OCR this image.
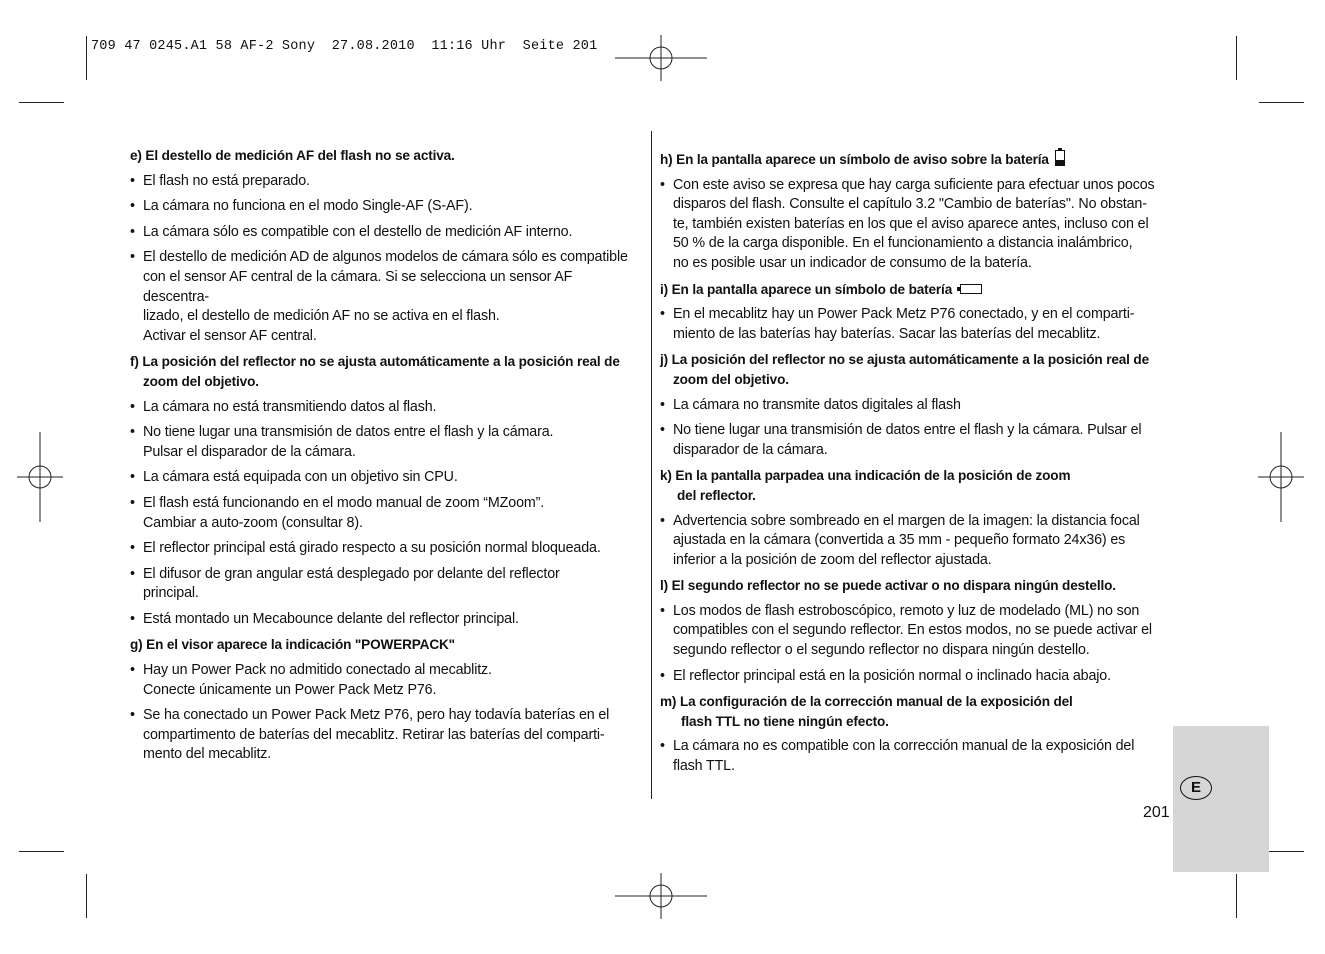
709 47 0245.A1 58 AF-2 Sony  27.08.2010  11:16 Uhr  Seite 201
e) El destello de medición AF del flash no se activa.
• El flash no está preparado.
• La cámara no funciona en el modo Single-AF (S-AF).
• La cámara sólo es compatible con el destello de medición AF interno.
• El destello de medición AD de algunos modelos de cámara sólo es compatible
con el sensor AF central de la cámara. Si se selecciona un sensor AF descentra-
lizado, el destello de medición AF no se activa en el flash.
Activar el sensor AF central.
f) La posición del reflector no se ajusta automáticamente a la posición real de
zoom del objetivo.
• La cámara no está transmitiendo datos al flash.
• No tiene lugar una transmisión de datos entre el flash y la cámara.
Pulsar el disparador de la cámara.
• La cámara está equipada con un objetivo sin CPU.
• El flash está funcionando en el modo manual de zoom “MZoom”.
Cambiar a auto-zoom (consultar 8).
• El reflector principal está girado respecto a su posición normal bloqueada.
• El difusor de gran angular está desplegado por delante del reflector
principal.
• Está montado un Mecabounce delante del reflector principal.
g) En el visor aparece la indicación "POWERPACK"
• Hay un Power Pack no admitido conectado al mecablitz.
Conecte únicamente un Power Pack Metz P76.
• Se ha conectado un Power Pack Metz P76, pero hay todavía baterías en el
compartimento de baterías del mecablitz. Retirar las baterías del comparti-
mento del mecablitz.
h) En la pantalla aparece un símbolo de aviso sobre la batería
• Con este aviso se expresa que hay carga suficiente para efectuar unos pocos
disparos del flash. Consulte el capítulo 3.2 "Cambio de baterías". No obstan-
te, también existen baterías en los que el aviso aparece antes, incluso con el
50 % de la carga disponible. En el funcionamiento a distancia inalámbrico,
no es posible usar un indicador de consumo de la batería.
i) En la pantalla aparece un símbolo de batería
• En el mecablitz hay un Power Pack Metz P76 conectado, y en el comparti-
miento de las baterías hay baterías. Sacar las baterías del mecablitz.
j) La posición del reflector no se ajusta automáticamente a la posición real de
zoom del objetivo.
• La cámara no transmite datos digitales al flash
• No tiene lugar una transmisión de datos entre el flash y la cámara. Pulsar el
disparador de la cámara.
k) En la pantalla parpadea una indicación de la posición de zoom
del reflector.
• Advertencia sobre sombreado en el margen de la imagen: la distancia focal
ajustada en la cámara (convertida a 35 mm - pequeño formato 24x36) es
inferior a la posición de zoom del reflector ajustada.
l) El segundo reflector no se puede activar o no dispara ningún destello.
• Los modos de flash estroboscópico, remoto y luz de modelado (ML) no son
compatibles con el segundo reflector. En estos modos, no se puede activar el
segundo reflector o el segundo reflector no dispara ningún destello.
• El reflector principal está en la posición normal o inclinado hacia abajo.
m) La configuración de la corrección manual de la exposición del
flash TTL no tiene ningún efecto.
• La cámara no es compatible con la corrección manual de la exposición del
flash TTL.
E
201
